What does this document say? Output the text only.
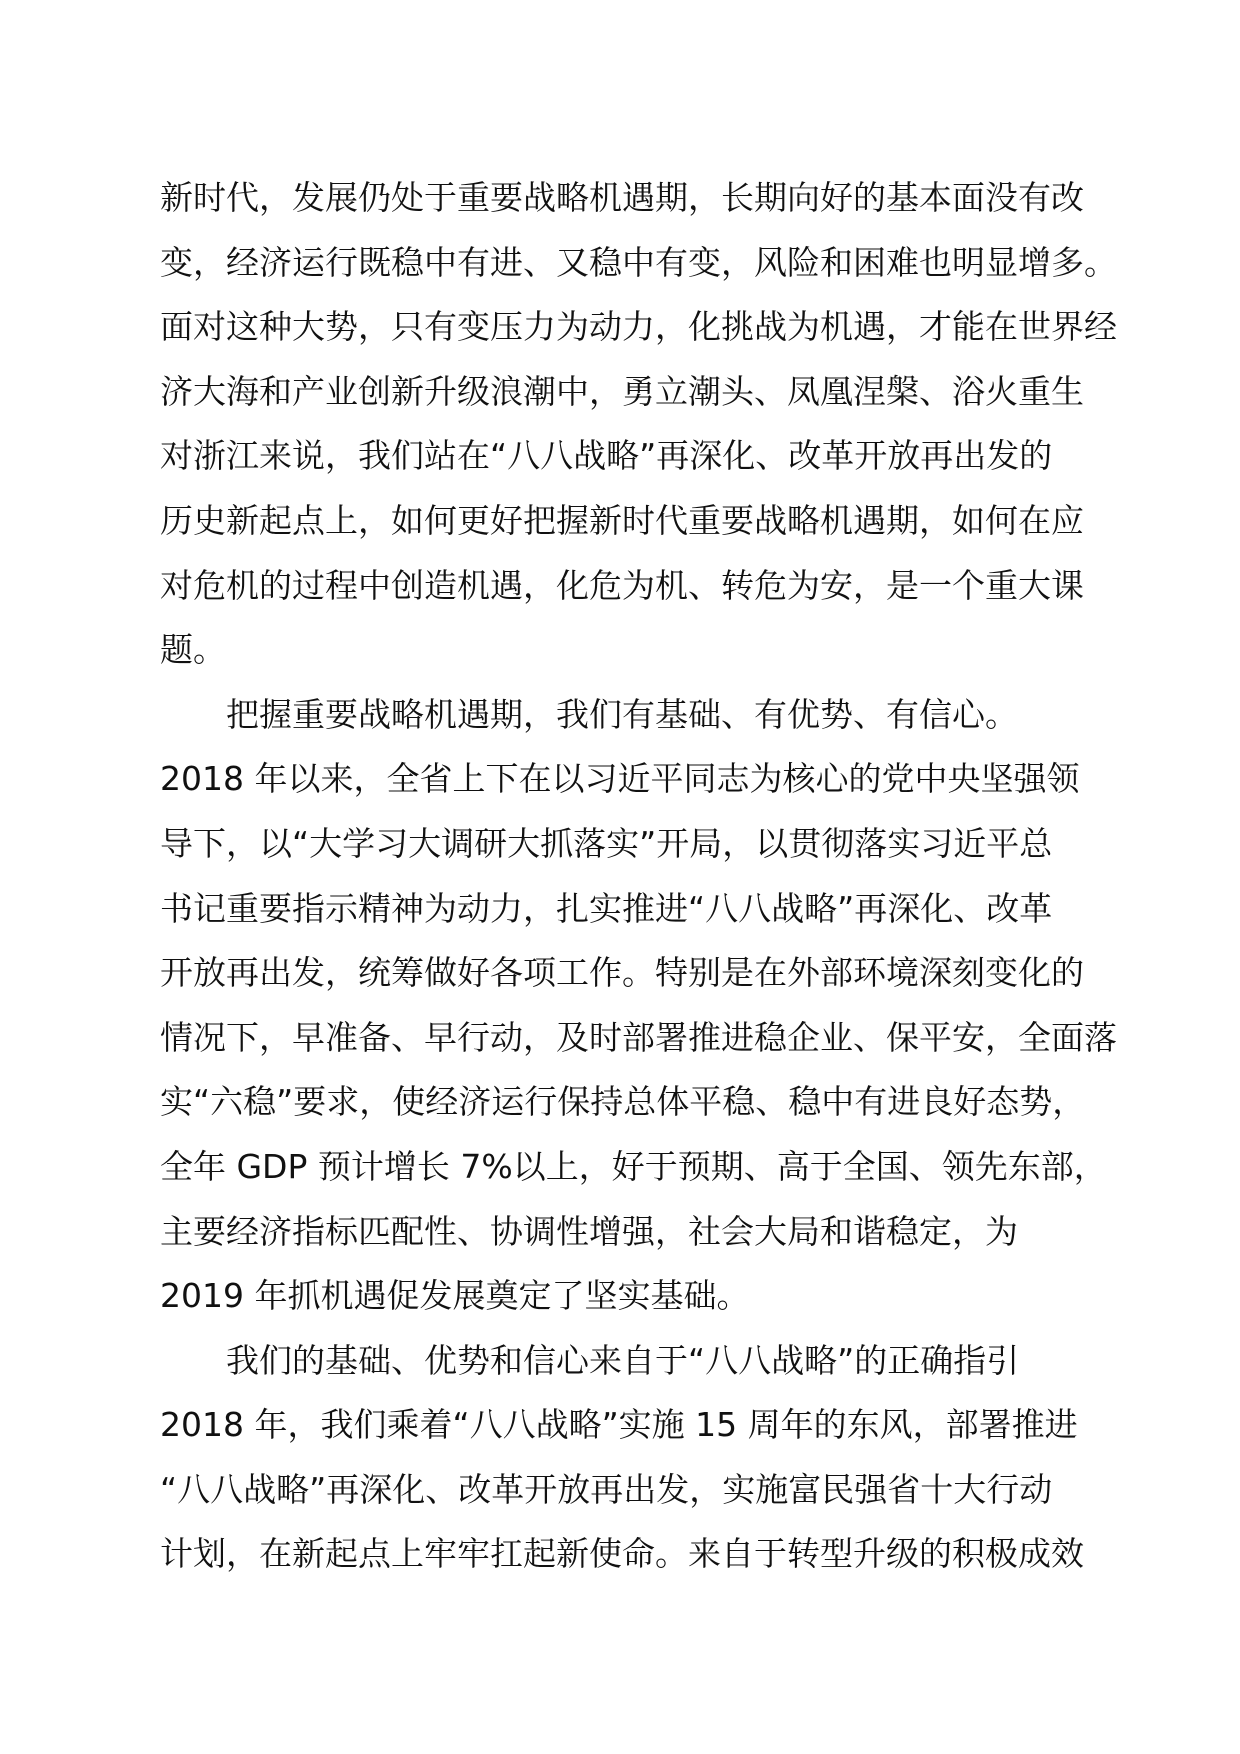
新时代，发展仍处于重要战略机遇期，长期向好的基本面没有改
变，经济运行既稳中有进、又稳中有变，风险和困难也明显增多。
面对这种大势，只有变压力为动力，化挑战为机遇，才能在世界经
济大海和产业创新升级浪潮中，勇立潮头、凤凰涅槃、浴火重生
对浙江来说，我们站在“八八战略”再深化、改革开放再出发的
历史新起点上，如何更好把握新时代重要战略机遇期，如何在应
对危机的过程中创造机遇，化危为机、转危为安，是一个重大课
题。
把握重要战略机遇期，我们有基础、有优势、有信心。
2018 年以来，全省上下在以习近平同志为核心的党中央坚强领
导下，以“大学习大调研大抓落实”开局，以贯彻落实习近平总
书记重要指示精神为动力，扎实推进“八八战略”再深化、改革
开放再出发，统筹做好各项工作。特别是在外部环境深刻变化的
情况下，早准备、早行动，及时部署推进稳企业、保平安，全面落
实“六稳”要求，使经济运行保持总体平稳、稳中有进良好态势，
全年 GDP 预计增长 7%以上，好于预期、高于全国、领先东部，
主要经济指标匹配性、协调性增强，社会大局和谐稳定，为
2019 年抓机遇促发展奠定了坚实基础。
我们的基础、优势和信心来自于“八八战略”的正确指引
2018 年，我们乘着“八八战略”实施 15 周年的东风，部署推进
“八八战略”再深化、改革开放再出发，实施富民强省十大行动
计划，在新起点上牢牢扛起新使命。来自于转型升级的积极成效
